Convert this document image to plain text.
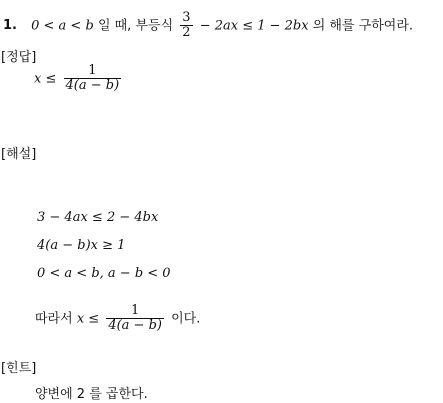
1. 0 < a < b 일 때, 부등식 $\frac{3}{2} - 2ax \le 1 - 2bx$ 의 해를 구하여라.
[정답]
$x \le \frac{1}{4(a - b)}$
[해설]
3 − 4ax ≤ 2 − 4bx
4(a − b)x ≥ 1
0 < a < b, a − b < 0
따라서 $x \le \frac{1}{4(a - b)}$ 이다.
[힌트]
양변에 2 를 곱한다.
